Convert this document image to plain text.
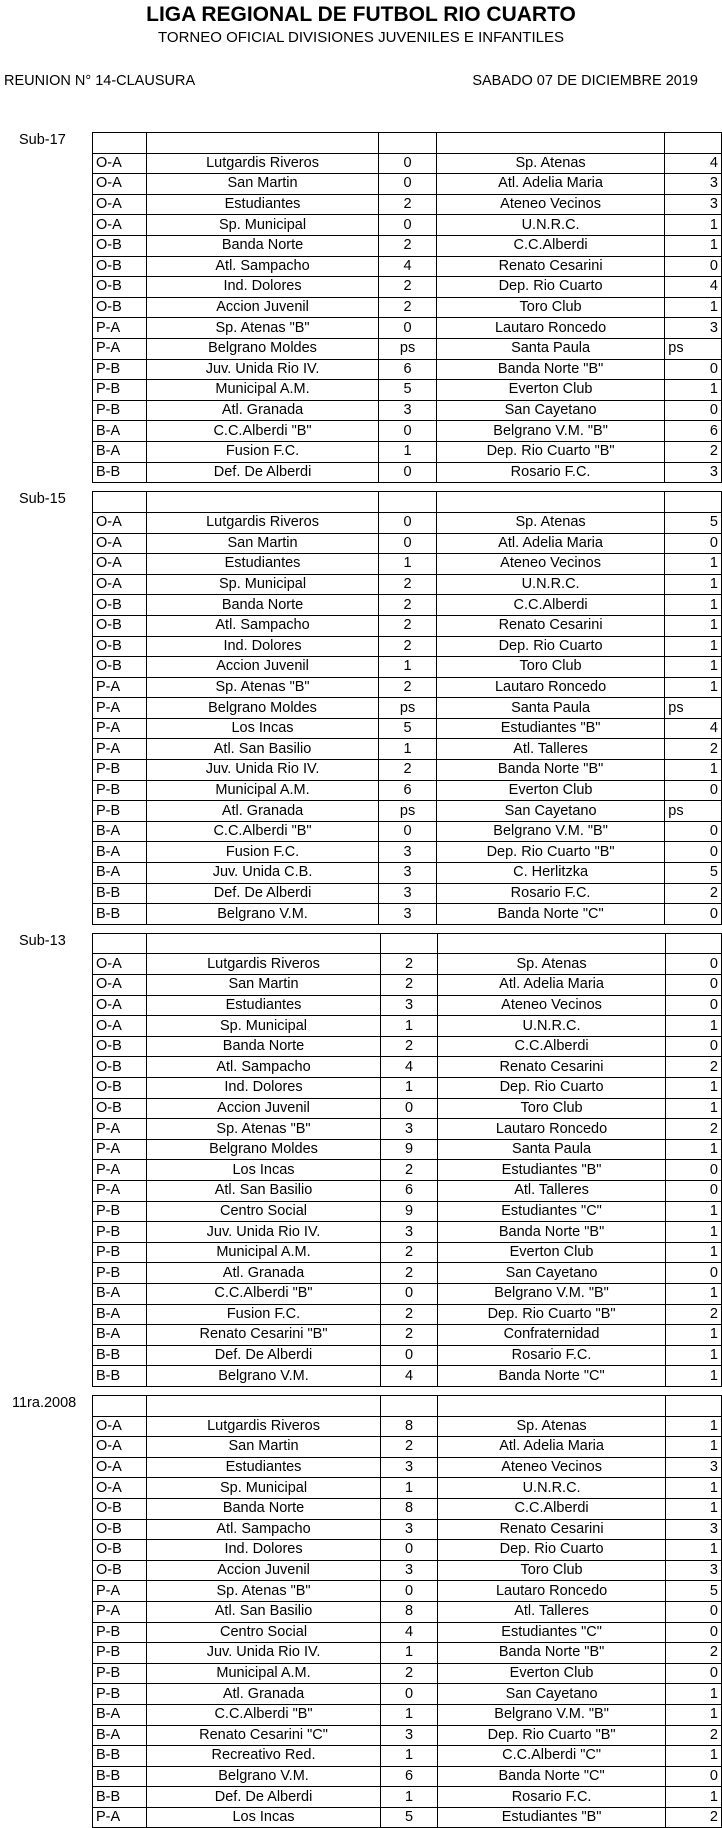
LIGA REGIONAL DE FUTBOL RIO CUARTO
TORNEO OFICIAL DIVISIONES JUVENILES E INFANTILES
REUNION N° 14-CLAUSURA	SABADO 07 DE DICIEMBRE 2019
Sub-17

O-A	Lutgardis Riveros	0	Sp. Atenas	4
O-A	San Martin	0	Atl. Adelia Maria	3
O-A	Estudiantes	2	Ateneo Vecinos	3
O-A	Sp. Municipal	0	U.N.R.C.	1
O-B	Banda Norte	2	C.C.Alberdi	1
O-B	Atl. Sampacho	4	Renato Cesarini	0
O-B	Ind. Dolores	2	Dep. Rio Cuarto	4
O-B	Accion Juvenil	2	Toro Club	1
P-A	Sp. Atenas "B"	0	Lautaro Roncedo	3
P-A	Belgrano Moldes	ps	Santa Paula	ps
P-B	Juv. Unida Rio IV.	6	Banda Norte "B"	0
P-B	Municipal A.M.	5	Everton Club	1
P-B	Atl. Granada	3	San Cayetano	0
B-A	C.C.Alberdi "B"	0	Belgrano V.M. "B"	6
B-A	Fusion F.C.	1	Dep. Rio Cuarto "B"	2
B-B	Def. De Alberdi	0	Rosario F.C.	3
Sub-15

O-A	Lutgardis Riveros	0	Sp. Atenas	5
O-A	San Martin	0	Atl. Adelia Maria	0
O-A	Estudiantes	1	Ateneo Vecinos	1
O-A	Sp. Municipal	2	U.N.R.C.	1
O-B	Banda Norte	2	C.C.Alberdi	1
O-B	Atl. Sampacho	2	Renato Cesarini	1
O-B	Ind. Dolores	2	Dep. Rio Cuarto	1
O-B	Accion Juvenil	1	Toro Club	1
P-A	Sp. Atenas "B"	2	Lautaro Roncedo	1
P-A	Belgrano Moldes	ps	Santa Paula	ps
P-A	Los Incas	5	Estudiantes "B"	4
P-A	Atl. San Basilio	1	Atl. Talleres	2
P-B	Juv. Unida Rio IV.	2	Banda Norte "B"	1
P-B	Municipal A.M.	6	Everton Club	0
P-B	Atl. Granada	ps	San Cayetano	ps
B-A	C.C.Alberdi "B"	0	Belgrano V.M. "B"	0
B-A	Fusion F.C.	3	Dep. Rio Cuarto "B"	0
B-A	Juv. Unida C.B.	3	C. Herlitzka	5
B-B	Def. De Alberdi	3	Rosario F.C.	2
B-B	Belgrano V.M.	3	Banda Norte "C"	0
Sub-13

O-A	Lutgardis Riveros	2	Sp. Atenas	0
O-A	San Martin	2	Atl. Adelia Maria	0
O-A	Estudiantes	3	Ateneo Vecinos	0
O-A	Sp. Municipal	1	U.N.R.C.	1
O-B	Banda Norte	2	C.C.Alberdi	0
O-B	Atl. Sampacho	4	Renato Cesarini	2
O-B	Ind. Dolores	1	Dep. Rio Cuarto	1
O-B	Accion Juvenil	0	Toro Club	1
P-A	Sp. Atenas "B"	3	Lautaro Roncedo	2
P-A	Belgrano Moldes	9	Santa Paula	1
P-A	Los Incas	2	Estudiantes "B"	0
P-A	Atl. San Basilio	6	Atl. Talleres	0
P-B	Centro Social	9	Estudiantes "C"	1
P-B	Juv. Unida Rio IV.	3	Banda Norte "B"	1
P-B	Municipal A.M.	2	Everton Club	1
P-B	Atl. Granada	2	San Cayetano	0
B-A	C.C.Alberdi "B"	0	Belgrano V.M. "B"	1
B-A	Fusion F.C.	2	Dep. Rio Cuarto "B"	2
B-A	Renato Cesarini "B"	2	Confraternidad	1
B-B	Def. De Alberdi	0	Rosario F.C.	1
B-B	Belgrano V.M.	4	Banda Norte "C"	1
11ra.2008

O-A	Lutgardis Riveros	8	Sp. Atenas	1
O-A	San Martin	2	Atl. Adelia Maria	1
O-A	Estudiantes	3	Ateneo Vecinos	3
O-A	Sp. Municipal	1	U.N.R.C.	1
O-B	Banda Norte	8	C.C.Alberdi	1
O-B	Atl. Sampacho	3	Renato Cesarini	3
O-B	Ind. Dolores	0	Dep. Rio Cuarto	1
O-B	Accion Juvenil	3	Toro Club	3
P-A	Sp. Atenas "B"	0	Lautaro Roncedo	5
P-A	Atl. San Basilio	8	Atl. Talleres	0
P-B	Centro Social	4	Estudiantes "C"	0
P-B	Juv. Unida Rio IV.	1	Banda Norte "B"	2
P-B	Municipal A.M.	2	Everton Club	0
P-B	Atl. Granada	0	San Cayetano	1
B-A	C.C.Alberdi "B"	1	Belgrano V.M. "B"	1
B-A	Renato Cesarini "C"	3	Dep. Rio Cuarto "B"	2
B-B	Recreativo Red.	1	C.C.Alberdi "C"	1
B-B	Belgrano V.M.	6	Banda Norte "C"	0
B-B	Def. De Alberdi	1	Rosario F.C.	1
P-A	Los Incas	5	Estudiantes "B"	2
